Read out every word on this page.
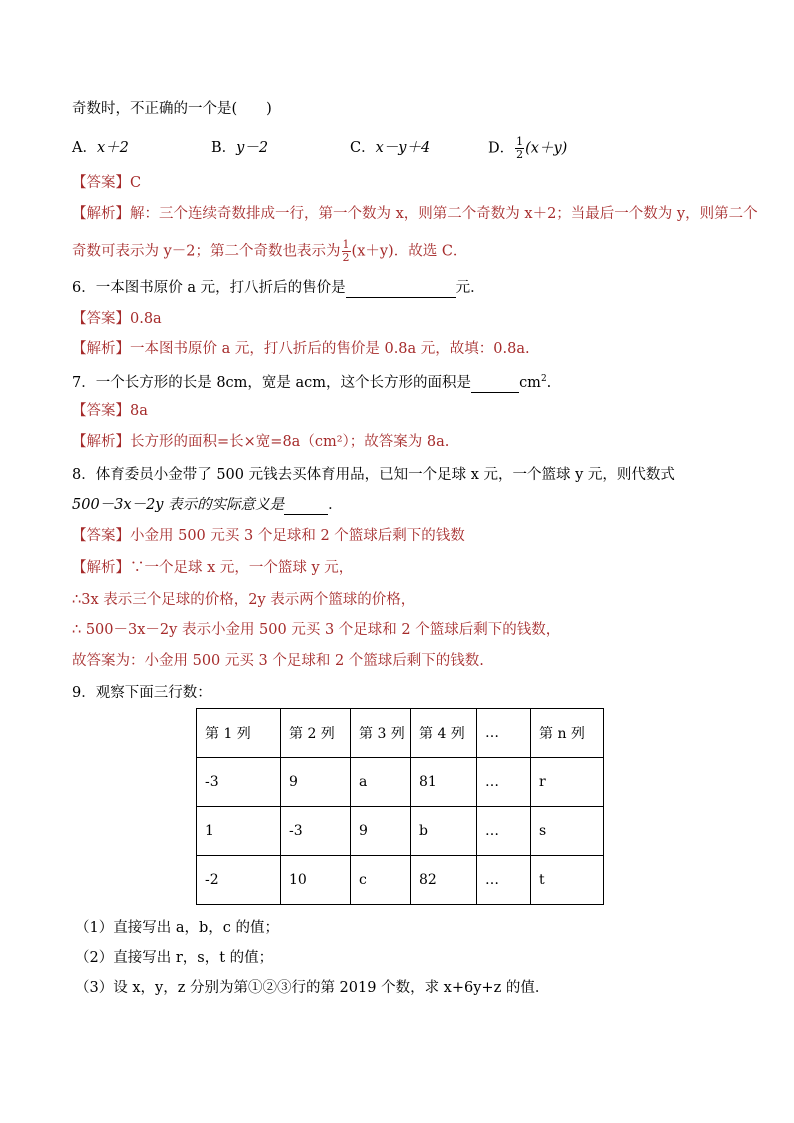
奇数时，不正确的一个是(　　)
A．x＋2	B．y－2	C．x－y＋4	D． $\frac{1}{2} (x+y)$
【答案】C
【解析】解：三个连续奇数排成一行，第一个数为 x，则第二个奇数为 x＋2；当最后一个数为 y，则第二个
奇数可表示为 y－2；第二个奇数也表示为 $\frac{1}{2} (x+y)$．故选 C．
6．一本图书原价 a 元，打八折后的售价是	元．
【答案】0.8a
【解析】一本图书原价 a 元，打八折后的售价是 0.8a 元，故填：0.8a.
7．一个长方形的长是 8cm，宽是 acm，这个长方形的面积是	$cm^2$.
【答案】8a
【解析】长方形的面积=长×宽=8a（cm²）；故答案为 8a.
8．体育委员小金带了 500 元钱去买体育用品，已知一个足球 x 元，一个篮球 y 元，则代数式
500－3x－2y 表示的实际意义是	．
【答案】小金用 500 元买 3 个足球和 2 个篮球后剩下的钱数
【解析】∵一个足球 x 元，一个篮球 y 元，
∴3x 表示三个足球的价格，2y 表示两个篮球的价格，
∴ 500－3x－2y 表示小金用 500 元买 3 个足球和 2 个篮球后剩下的钱数，
故答案为：小金用 500 元买 3 个足球和 2 个篮球后剩下的钱数.
9．观察下面三行数：
第 1 列	第 2 列	第 3 列	第 4 列	…	第 n 列
-3	9	a	81	…	r
1	-3	9	b	…	s
-2	10	c	82	…	t
（1）直接写出 a，b，c 的值；
（2）直接写出 r，s，t 的值；
（3）设 x，y，z 分别为第①②③行的第 2019 个数，求 x+6y+z 的值．
